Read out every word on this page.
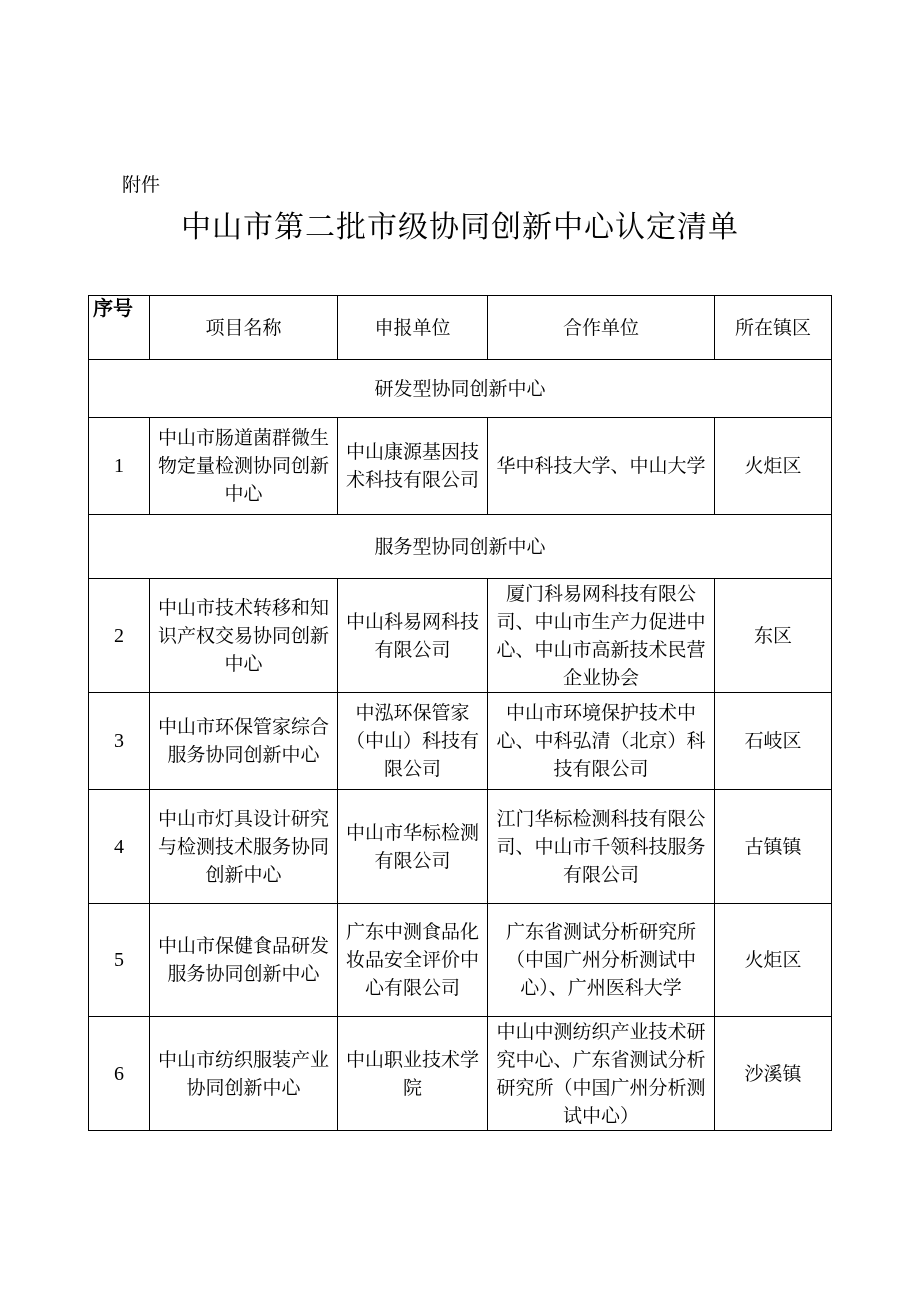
附件

中山市第二批市级协同创新中心认定清单
序号	项目名称	申报单位	合作单位	所在镇区
研发型协同创新中心				
1	中山市肠道菌群微生物定量检测协同创新中心	中山康源基因技术科技有限公司	华中科技大学、中山大学	火炬区
服务型协同创新中心				
2	中山市技术转移和知识产权交易协同创新中心	中山科易网科技有限公司	厦门科易网科技有限公司、中山市生产力促进中心、中山市高新技术民营企业协会	东区
3	中山市环保管家综合服务协同创新中心	中泓环保管家（中山）科技有限公司	中山市环境保护技术中心、中科弘清（北京）科技有限公司	石岐区
4	中山市灯具设计研究与检测技术服务协同创新中心	中山市华标检测有限公司	江门华标检测科技有限公司、中山市千领科技服务有限公司	古镇镇
5	中山市保健食品研发服务协同创新中心	广东中测食品化妆品安全评价中心有限公司	广东省测试分析研究所（中国广州分析测试中心）、广州医科大学	火炬区
6	中山市纺织服装产业协同创新中心	中山职业技术学院	中山中测纺织产业技术研究中心、广东省测试分析研究所（中国广州分析测试中心）	沙溪镇
